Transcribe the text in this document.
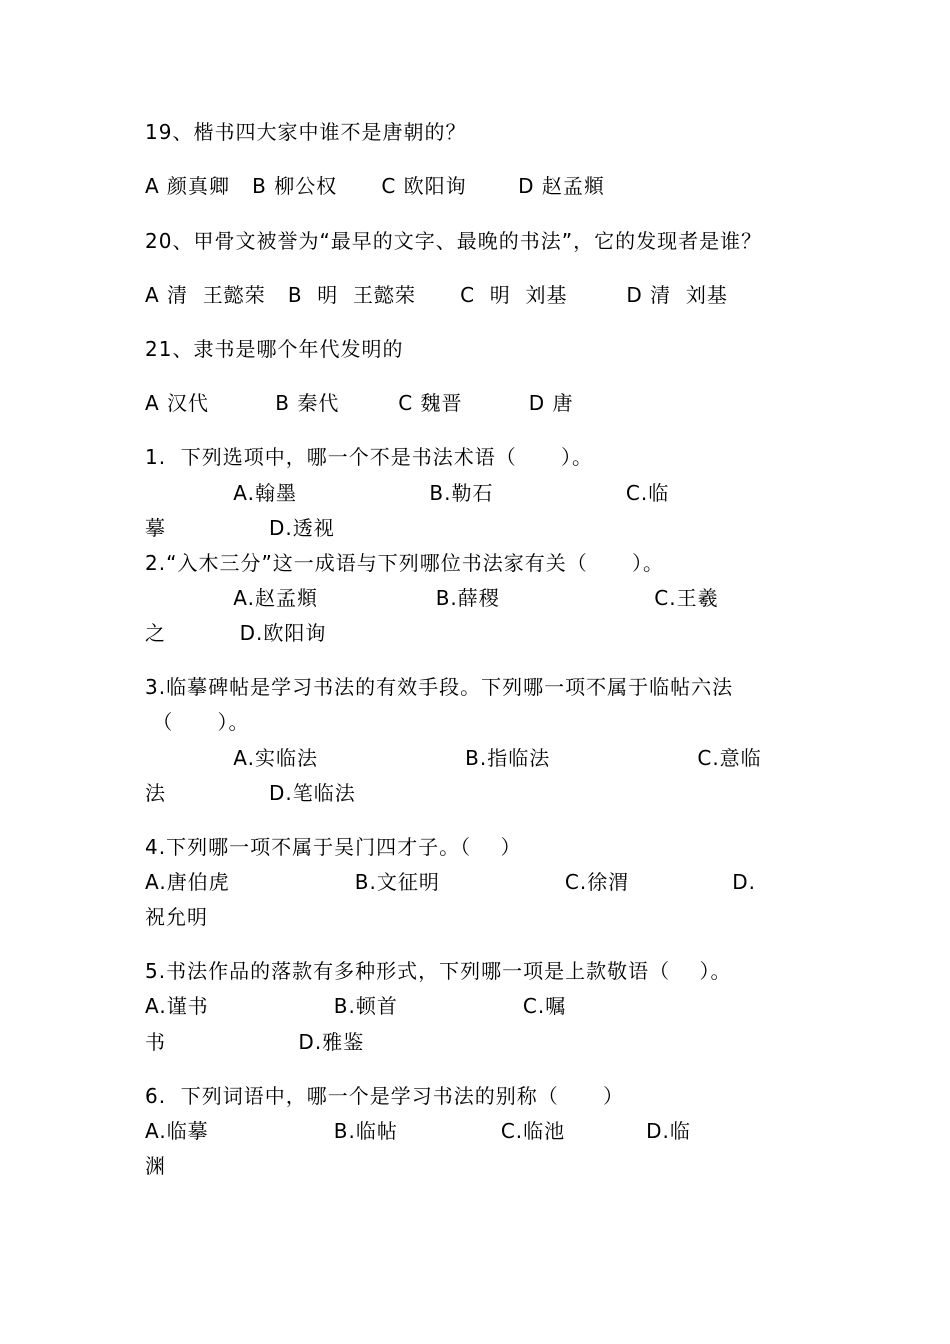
19、楷书四大家中谁不是唐朝的？
A 颜真卿   B 柳公权      C 欧阳询       D 赵孟頫
20、甲骨文被誉为“最早的文字、最晚的书法”，它的发现者是谁？
A 清  王懿荣   B  明  王懿荣      C  明  刘基        D 清  刘基
21、隶书是哪个年代发明的
A 汉代         B 秦代        C 魏晋         D 唐
1.  下列选项中，哪一个不是书法术语（      ）。
A.翰墨                  B.勒石                  C.临
摹              D.透视
2.“入木三分”这一成语与下列哪位书法家有关（      ）。
A.赵孟頫                B.薛稷                     C.王羲
之          D.欧阳询
3.临摹碑帖是学习书法的有效手段。下列哪一项不属于临帖六法
（      ）。
A.实临法                    B.指临法                    C.意临
法              D.笔临法
4.下列哪一项不属于吴门四才子。（    ）
A.唐伯虎                 B.文征明                 C.徐渭              D.
祝允明
5.书法作品的落款有多种形式，下列哪一项是上款敬语（    ）。
A.谨书                 B.顿首                 C.嘱
书                  D.雅鉴
6.  下列词语中，哪一个是学习书法的别称（      ）
A.临摹                 B.临帖              C.临池           D.临
渊
